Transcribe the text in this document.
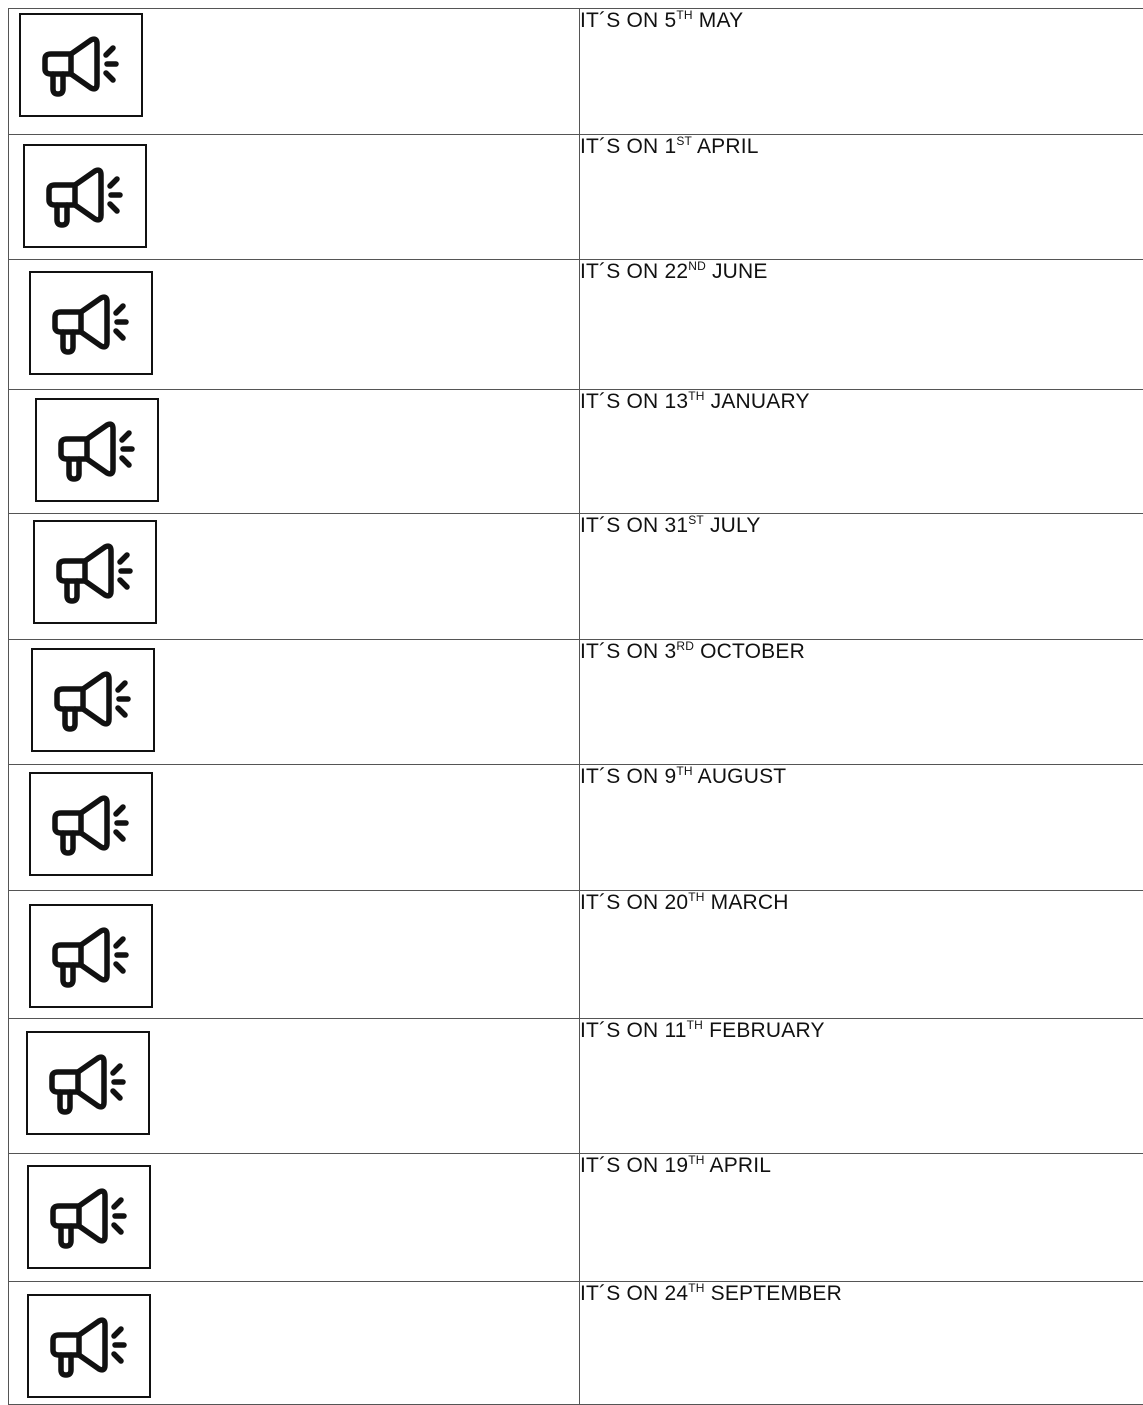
	IT´S ON 5TH MAY

	IT´S ON 1ST APRIL

	IT´S ON 22ND JUNE

	IT´S ON 13TH JANUARY

	IT´S ON 31ST JULY

	IT´S ON 3RD OCTOBER

	IT´S ON 9TH AUGUST

	IT´S ON 20TH MARCH

	IT´S ON 11TH FEBRUARY

	IT´S ON 19TH APRIL

	IT´S ON 24TH SEPTEMBER
